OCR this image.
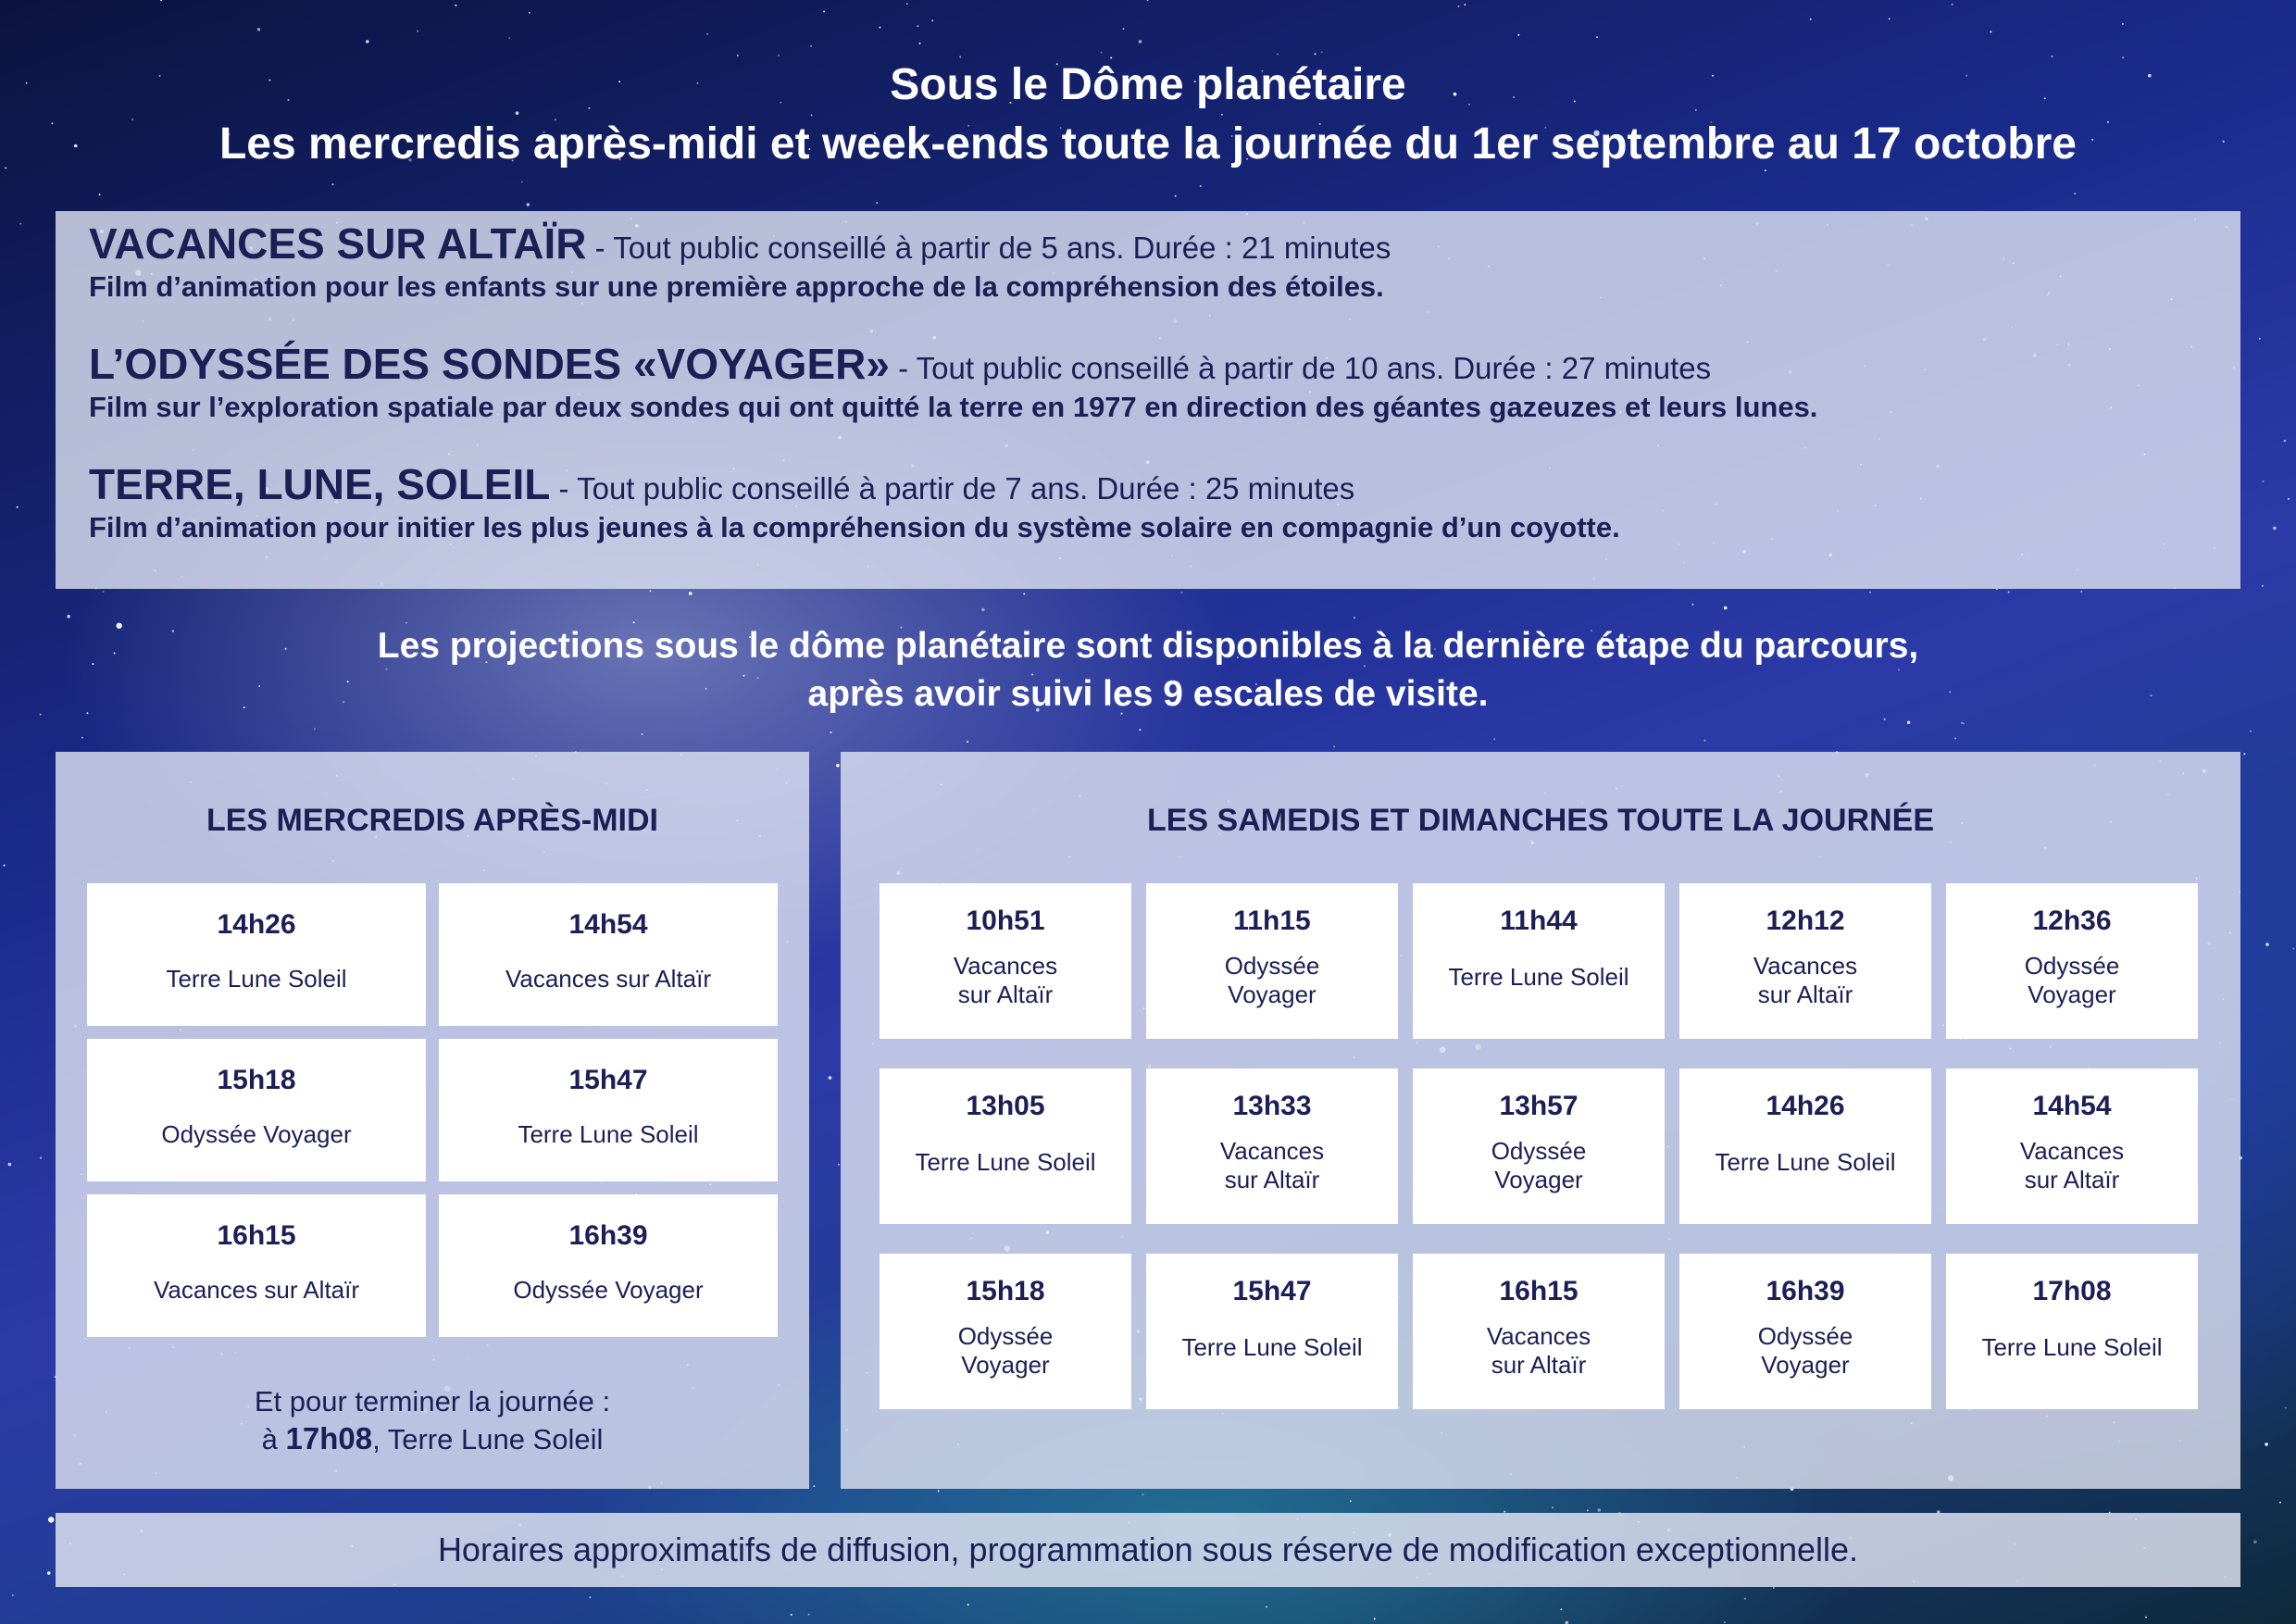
Sous le Dôme planétaire
Les mercredis après-midi et week-ends toute la journée du 1er septembre au 17 octobre
VACANCES SUR ALTAÏR - Tout public conseillé à partir de 5 ans. Durée : 21 minutes
Film d’animation pour les enfants sur une première approche de la compréhension des étoiles.
L’ODYSSÉE DES SONDES «VOYAGER» - Tout public conseillé à partir de 10 ans. Durée : 27 minutes
Film sur l’exploration spatiale par deux sondes qui ont quitté la terre en 1977 en direction des géantes gazeuzes et leurs lunes.
TERRE, LUNE, SOLEIL - Tout public conseillé à partir de 7 ans. Durée : 25 minutes
Film d’animation pour initier les plus jeunes à la compréhension du système solaire en compagnie d’un coyotte.
Les projections sous le dôme planétaire sont disponibles à la dernière étape du parcours,
après avoir suivi les 9 escales de visite.
LES MERCREDIS APRÈS-MIDI
14h26
Terre Lune Soleil
14h54
Vacances sur Altaïr
15h18
Odyssée Voyager
15h47
Terre Lune Soleil
16h15
Vacances sur Altaïr
16h39
Odyssée Voyager
Et pour terminer la journée :
à 17h08, Terre Lune Soleil
LES SAMEDIS ET DIMANCHES TOUTE LA JOURNÉE
10h51
Vacances
sur Altaïr
11h15
Odyssée
Voyager
11h44
Terre Lune Soleil
12h12
Vacances
sur Altaïr
12h36
Odyssée
Voyager
13h05
Terre Lune Soleil
13h33
Vacances
sur Altaïr
13h57
Odyssée
Voyager
14h26
Terre Lune Soleil
14h54
Vacances
sur Altaïr
15h18
Odyssée
Voyager
15h47
Terre Lune Soleil
16h15
Vacances
sur Altaïr
16h39
Odyssée
Voyager
17h08
Terre Lune Soleil
Horaires approximatifs de diffusion, programmation sous réserve de modification exceptionnelle.
